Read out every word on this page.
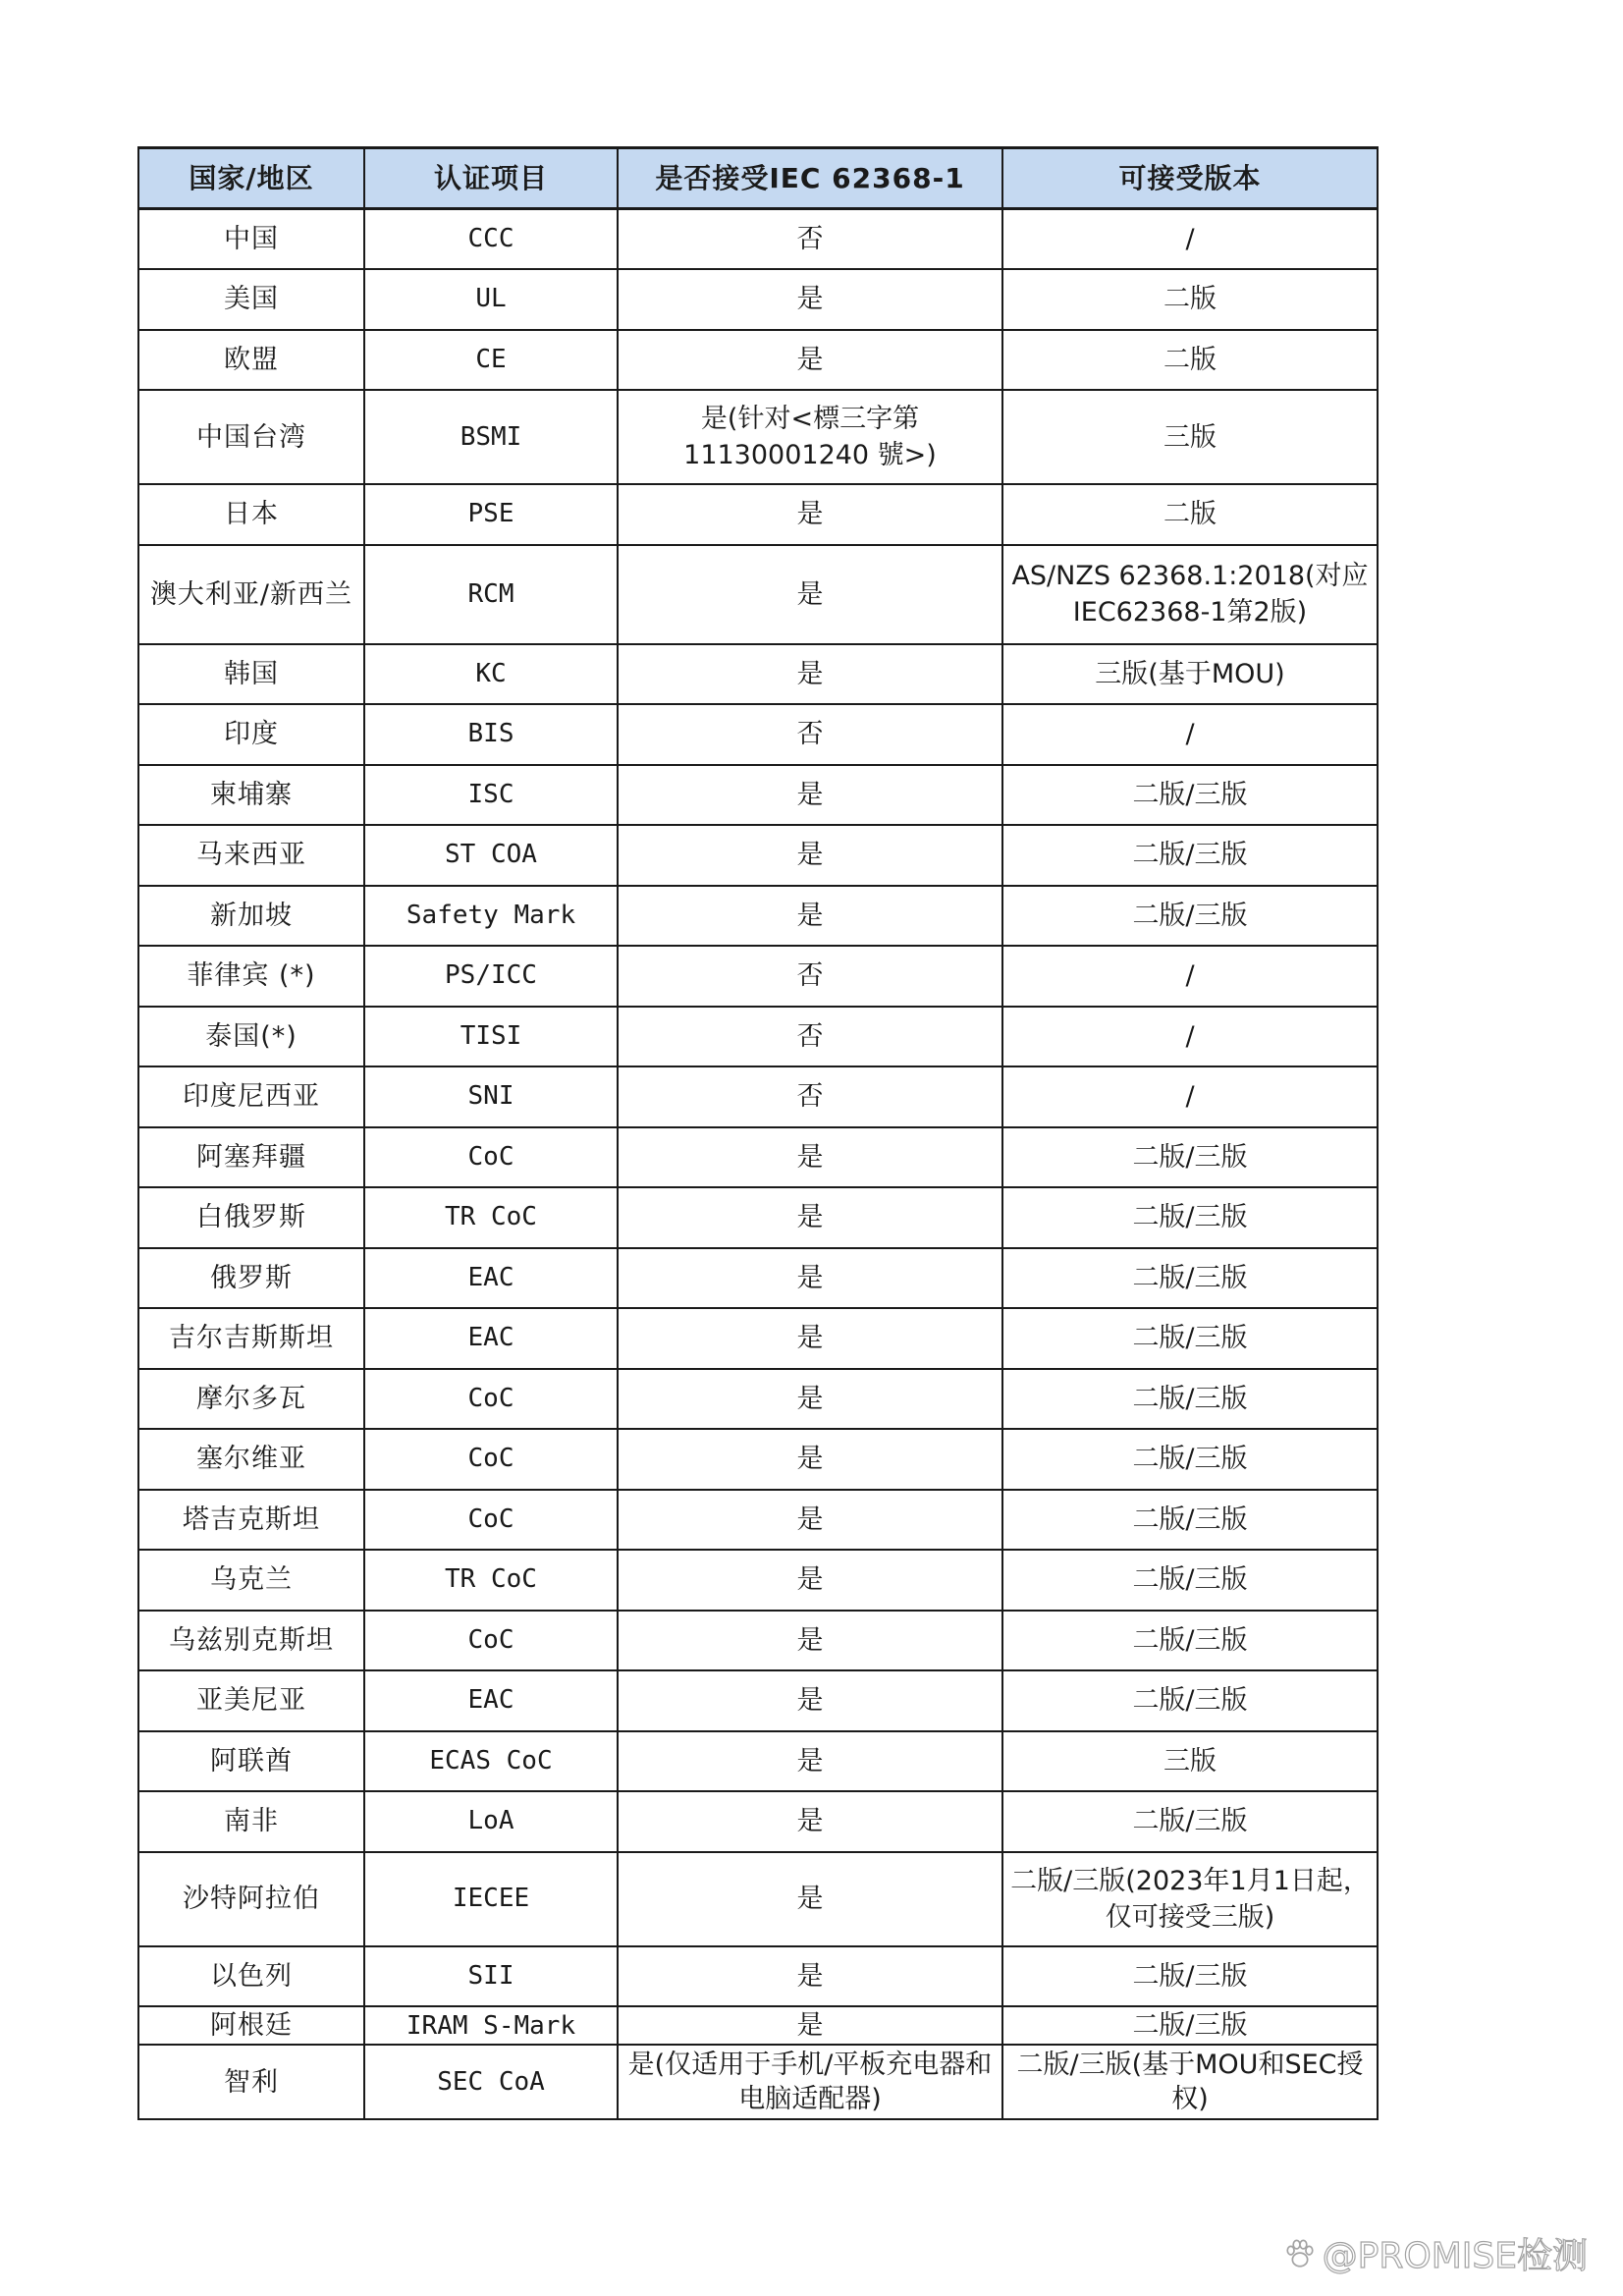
国家/地区	认证项目	是否接受IEC 62368-1	可接受版本
中国	CCC	否	/
美国	UL	是	二版
欧盟	CE	是	二版
中国台湾	BSMI	是(针对<標三字第 11130001240 號>)	三版
日本	PSE	是	二版
澳大利亚/新西兰	RCM	是	AS/NZS 62368.1:2018(对应IEC62368-1第2版)
韩国	KC	是	三版(基于MOU)
印度	BIS	否	/
柬埔寨	ISC	是	二版/三版
马来西亚	ST COA	是	二版/三版
新加坡	Safety Mark	是	二版/三版
菲律宾 (*)	PS/ICC	否	/
泰国(*)	TISI	否	/
印度尼西亚	SNI	否	/
阿塞拜疆	CoC	是	二版/三版
白俄罗斯	TR CoC	是	二版/三版
俄罗斯	EAC	是	二版/三版
吉尔吉斯斯坦	EAC	是	二版/三版
摩尔多瓦	CoC	是	二版/三版
塞尔维亚	CoC	是	二版/三版
塔吉克斯坦	CoC	是	二版/三版
乌克兰	TR CoC	是	二版/三版
乌兹别克斯坦	CoC	是	二版/三版
亚美尼亚	EAC	是	二版/三版
阿联酋	ECAS CoC	是	三版
南非	LoA	是	二版/三版
沙特阿拉伯	IECEE	是	二版/三版(2023年1月1日起，仅可接受三版)
以色列	SII	是	二版/三版
阿根廷	IRAM S-Mark	是	二版/三版
智利	SEC CoA	是(仅适用于手机/平板充电器和电脑适配器)	二版/三版(基于MOU和SEC授权)
@PROMISE检测
